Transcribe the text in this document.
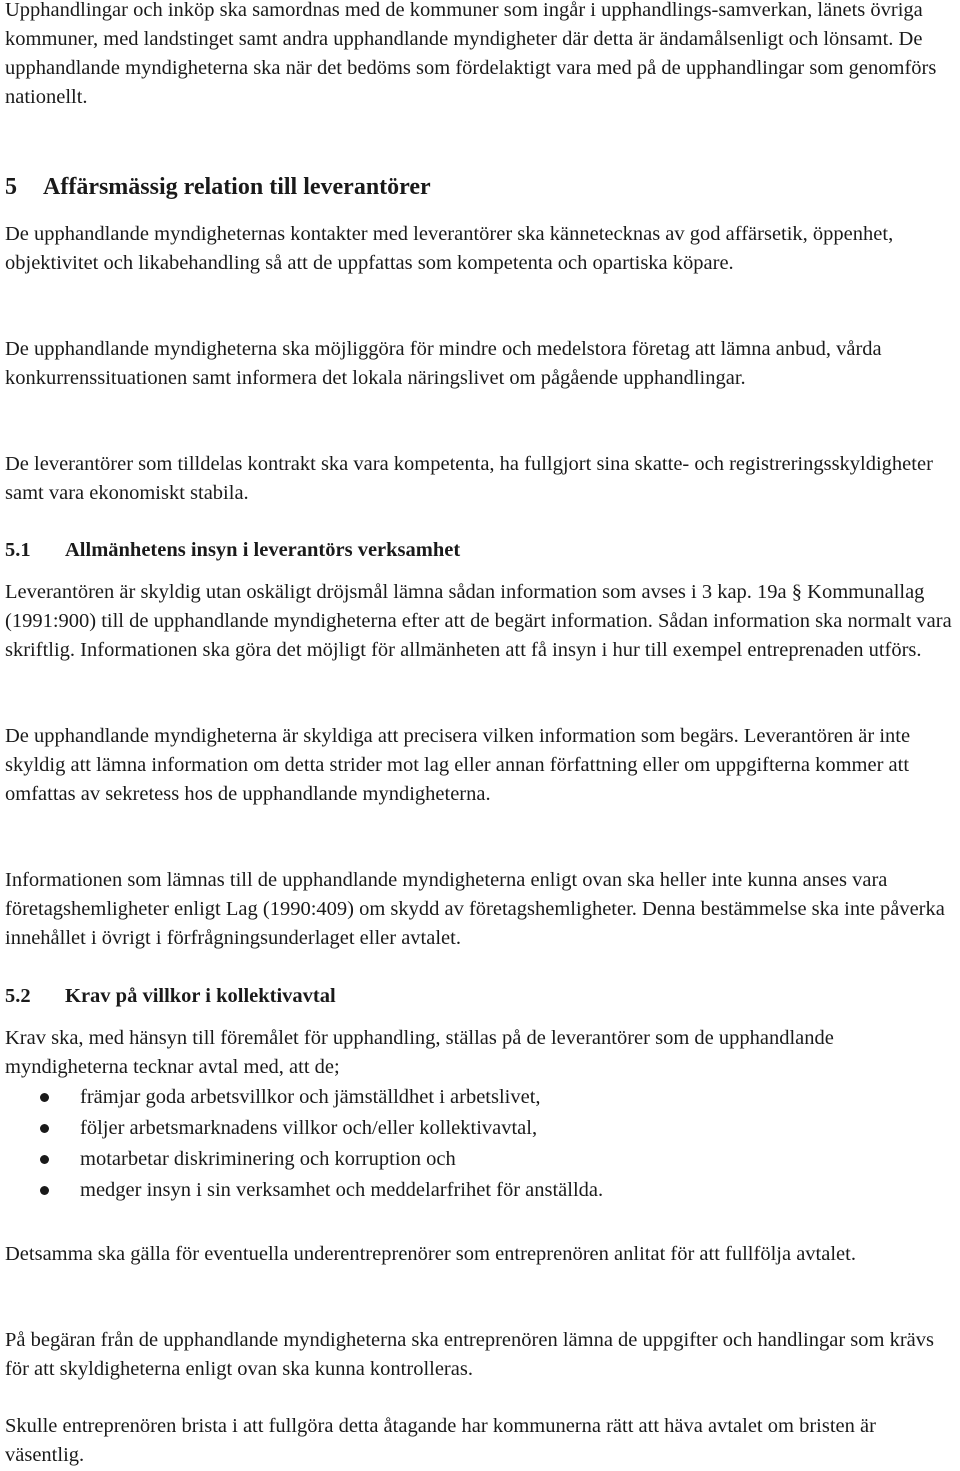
Upphandlingar och inköp ska samordnas med de kommuner som ingår i upphandlings-samverkan, länets övriga kommuner, med landstinget samt andra upphandlande myndigheter där detta är ändamålsenligt och lönsamt. De upphandlande myndigheterna ska när det bedöms som fördelaktigt vara med på de upphandlingar som genomförs nationellt.

5 Affärsmässig relation till leverantörer

De upphandlande myndigheternas kontakter med leverantörer ska kännetecknas av god affärsetik, öppenhet, objektivitet och likabehandling så att de uppfattas som kompetenta och opartiska köpare.

De upphandlande myndigheterna ska möjliggöra för mindre och medelstora företag att lämna anbud, vårda konkurrenssituationen samt informera det lokala näringslivet om pågående upphandlingar.

De leverantörer som tilldelas kontrakt ska vara kompetenta, ha fullgjort sina skatte- och registreringsskyldigheter samt vara ekonomiskt stabila.

5.1 Allmänhetens insyn i leverantörs verksamhet

Leverantören är skyldig utan oskäligt dröjsmål lämna sådan information som avses i 3 kap. 19a § Kommunallag (1991:900) till de upphandlande myndigheterna efter att de begärt information. Sådan information ska normalt vara skriftlig. Informationen ska göra det möjligt för allmänheten att få insyn i hur till exempel entreprenaden utförs.

De upphandlande myndigheterna är skyldiga att precisera vilken information som begärs. Leverantören är inte skyldig att lämna information om detta strider mot lag eller annan författning eller om uppgifterna kommer att omfattas av sekretess hos de upphandlande myndigheterna.

Informationen som lämnas till de upphandlande myndigheterna enligt ovan ska heller inte kunna anses vara företagshemligheter enligt Lag (1990:409) om skydd av företagshemligheter. Denna bestämmelse ska inte påverka innehållet i övrigt i förfrågningsunderlaget eller avtalet.

5.2 Krav på villkor i kollektivavtal

Krav ska, med hänsyn till föremålet för upphandling, ställas på de leverantörer som de upphandlande myndigheterna tecknar avtal med, att de;

främjar goda arbetsvillkor och jämställdhet i arbetslivet,
följer arbetsmarknadens villkor och/eller kollektivavtal,
motarbetar diskriminering och korruption och
medger insyn i sin verksamhet och meddelarfrihet för anställda.

Detsamma ska gälla för eventuella underentreprenörer som entreprenören anlitat för att fullfölja avtalet.

På begäran från de upphandlande myndigheterna ska entreprenören lämna de uppgifter och handlingar som krävs för att skyldigheterna enligt ovan ska kunna kontrolleras.

Skulle entreprenören brista i att fullgöra detta åtagande har kommunerna rätt att häva avtalet om bristen är väsentlig.
